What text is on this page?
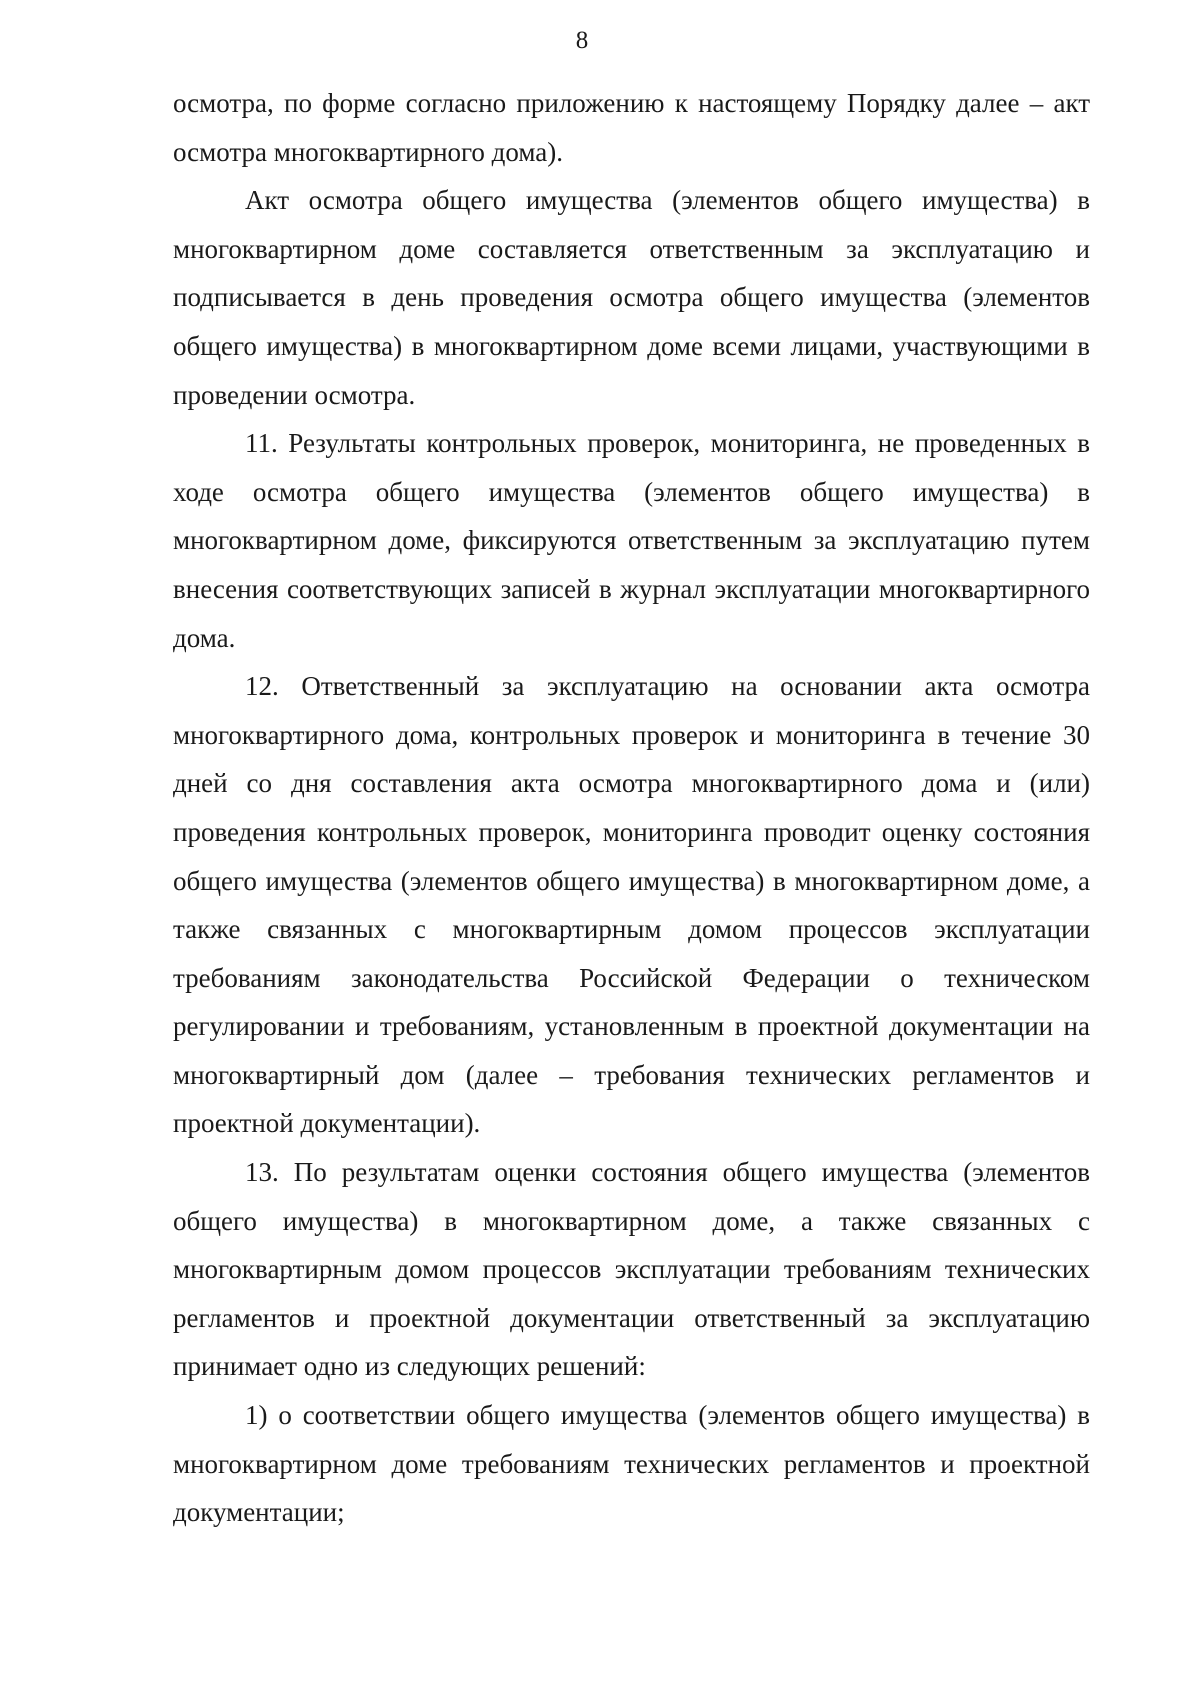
8

осмотра, по форме согласно приложению к настоящему Порядку далее – акт осмотра многоквартирного дома).

Акт осмотра общего имущества (элементов общего имущества) в многоквартирном доме составляется ответственным за эксплуатацию и подписывается в день проведения осмотра общего имущества (элементов общего имущества) в многоквартирном доме всеми лицами, участвующими в проведении осмотра.

11. Результаты контрольных проверок, мониторинга, не проведенных в ходе осмотра общего имущества (элементов общего имущества) в многоквартирном доме, фиксируются ответственным за эксплуатацию путем внесения соответствующих записей в журнал эксплуатации многоквартирного дома.

12. Ответственный за эксплуатацию на основании акта осмотра многоквартирного дома, контрольных проверок и мониторинга в течение 30 дней со дня составления акта осмотра многоквартирного дома и (или) проведения контрольных проверок, мониторинга проводит оценку состояния общего имущества (элементов общего имущества) в многоквартирном доме, а также связанных с многоквартирным домом процессов эксплуатации требованиям законодательства Российской Федерации о техническом регулировании и требованиям, установленным в проектной документации на многоквартирный дом (далее – требования технических регламентов и проектной документации).

13. По результатам оценки состояния общего имущества (элементов общего имущества) в многоквартирном доме, а также связанных с многоквартирным домом процессов эксплуатации требованиям технических регламентов и проектной документации ответственный за эксплуатацию принимает одно из следующих решений:

1) о соответствии общего имущества (элементов общего имущества) в многоквартирном доме требованиям технических регламентов и проектной документации;
